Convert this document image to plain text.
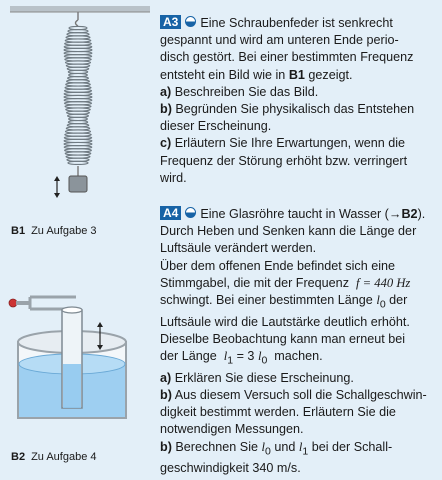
B1 Zu Aufgabe 3
B2 Zu Aufgabe 4
A3 Eine Schraubenfeder ist senkrecht
gespannt und wird am unteren Ende perio-
disch gestört. Bei einer bestimmten Frequenz
entsteht ein Bild wie in B1 gezeigt.
a) Beschreiben Sie das Bild.
b) Begründen Sie physikalisch das Entstehen
dieser Erscheinung.
c) Erläutern Sie Ihre Erwartungen, wenn die
Frequenz der Störung erhöht bzw. verringert
wird.
A4 Eine Glasröhre taucht in Wasser (→B2).
Durch Heben und Senken kann die Länge der
Luftsäule verändert werden.
Über dem offenen Ende befindet sich eine
Stimmgabel, die mit der Frequenz f = 440 Hz
schwingt. Bei einer bestimmten Länge $l_0$ der
Luftsäule wird die Lautstärke deutlich erhöht.
Dieselbe Beobachtung kann man erneut bei
der Länge $l_1 = 3$ $l_0$ machen.
a) Erklären Sie diese Erscheinung.
b) Aus diesem Versuch soll die Schallgeschwin-
digkeit bestimmt werden. Erläutern Sie die
notwendigen Messungen.
b) Berechnen Sie $l_0$ und $l_1$ bei der Schall-
geschwindigkeit 340 m/s.
